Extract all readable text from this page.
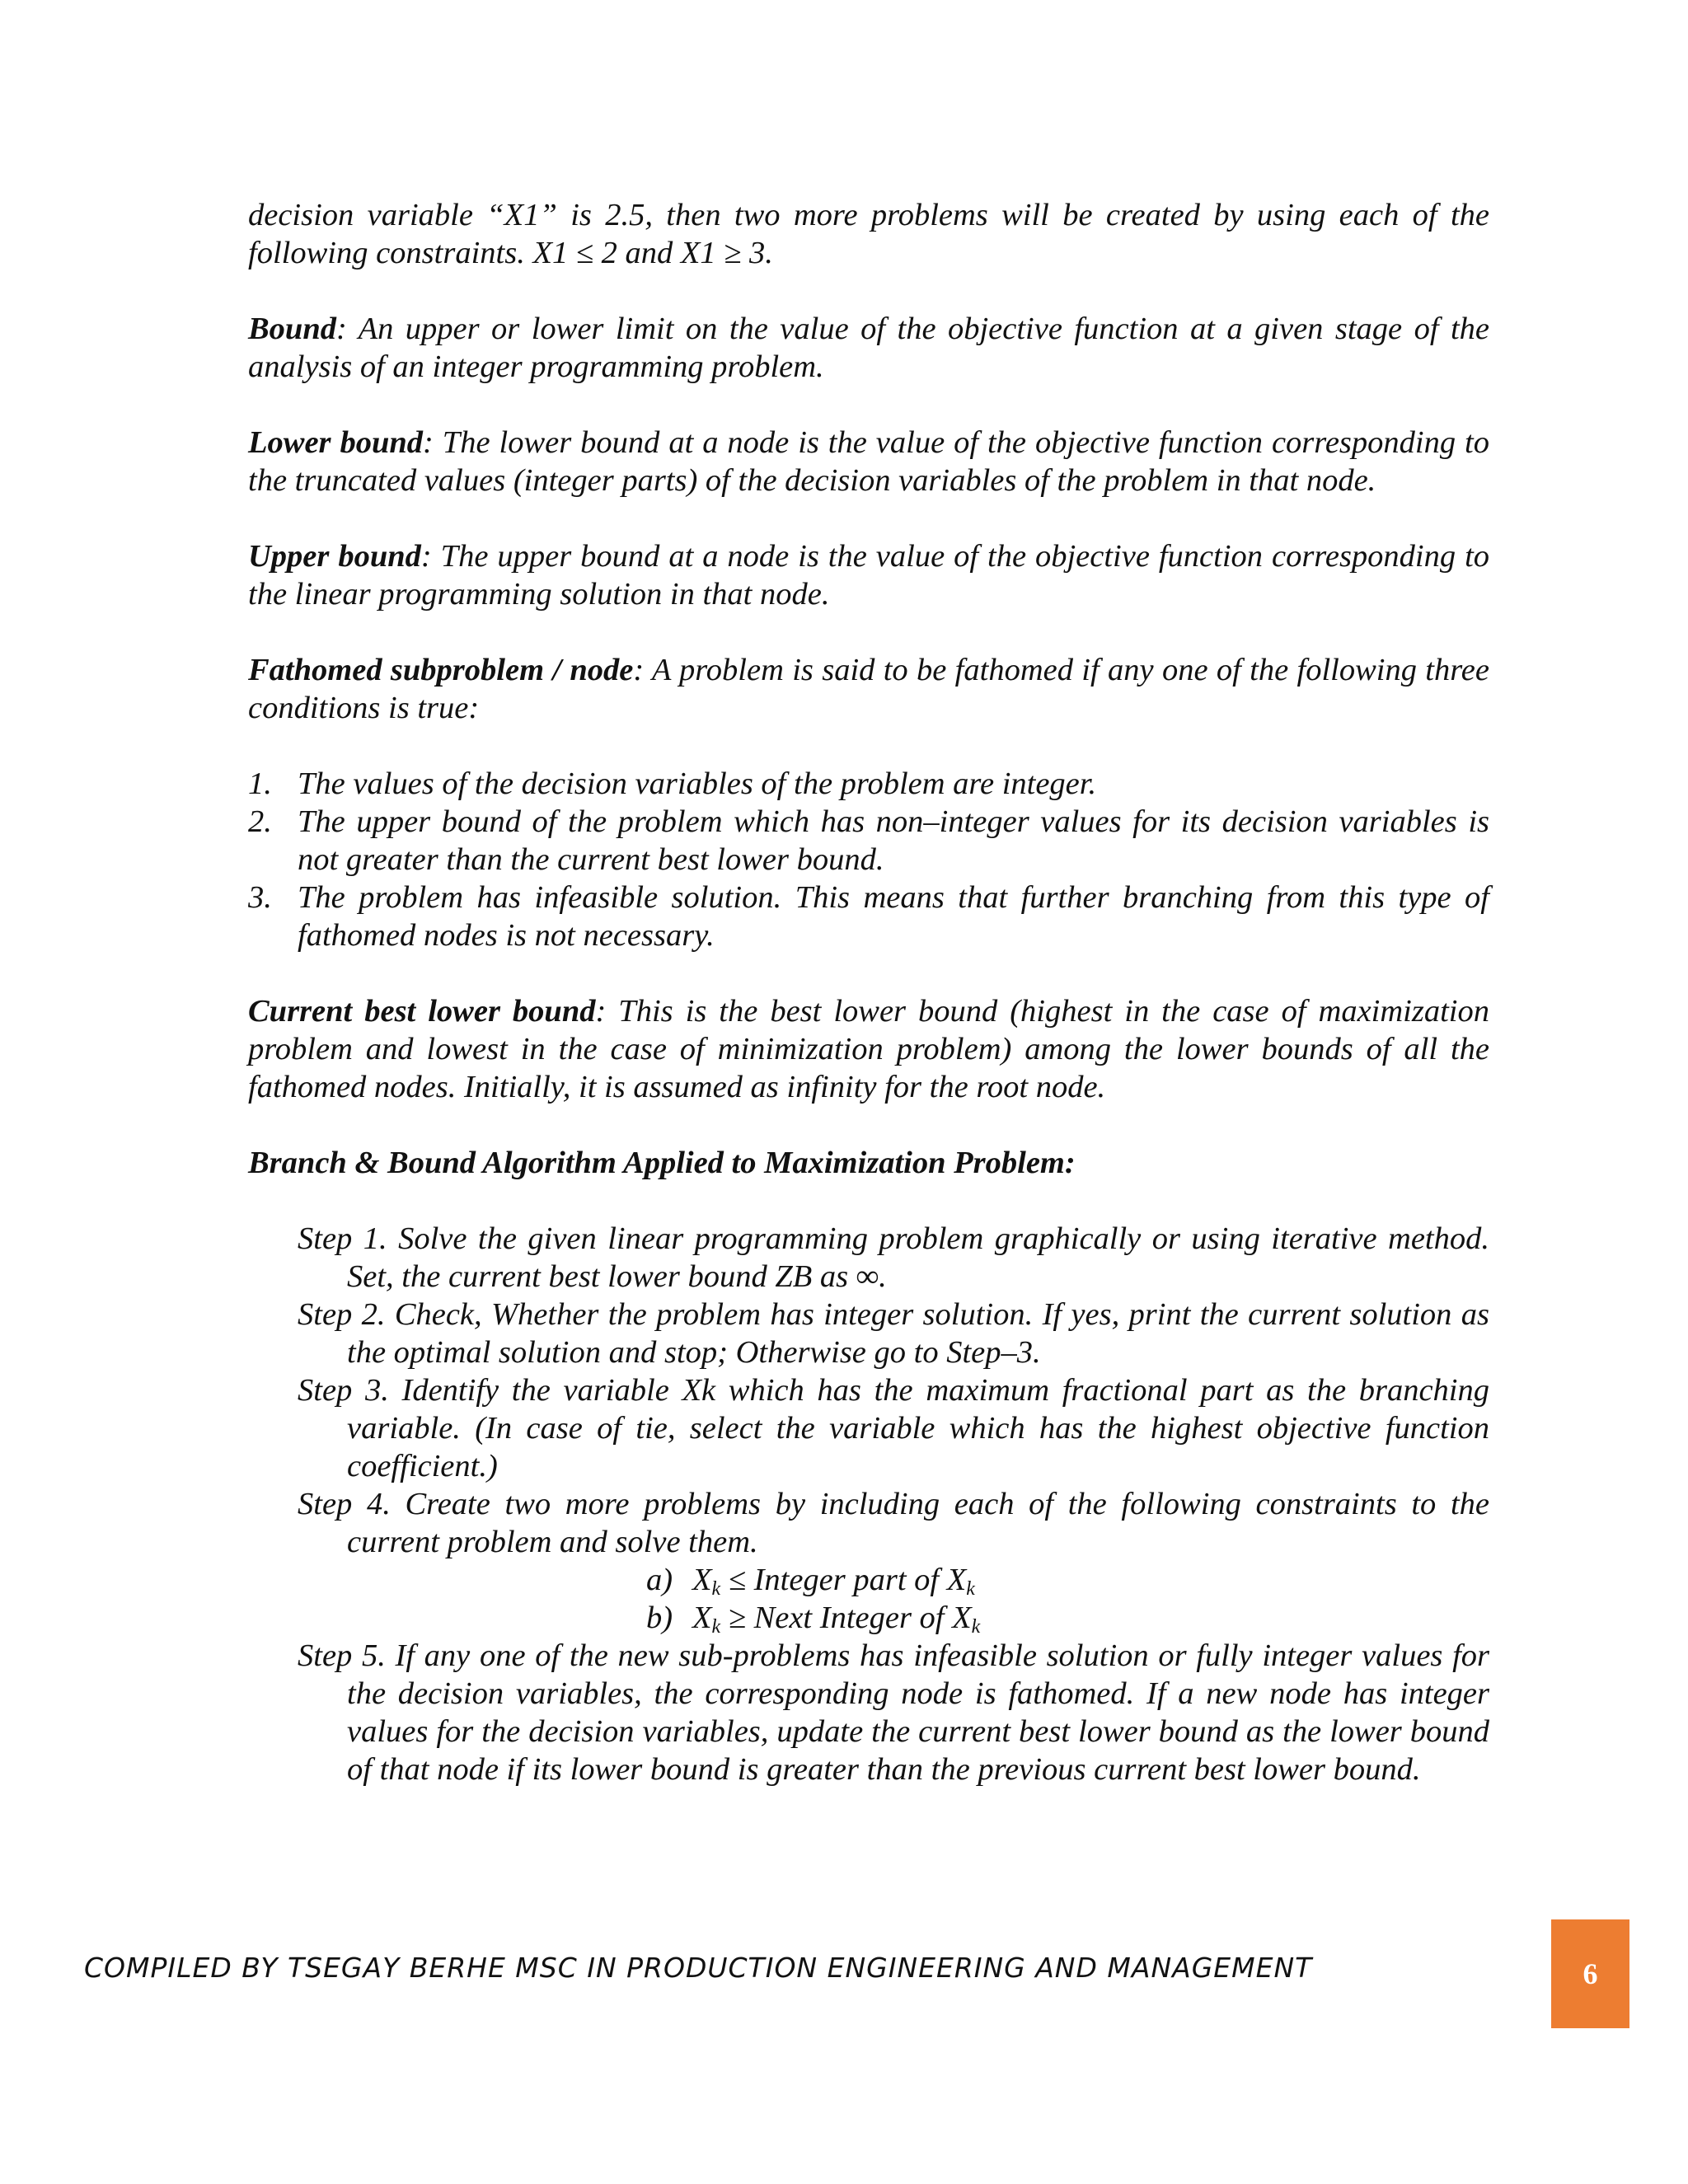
decision variable “X1” is 2.5, then two more problems will be created by using each of the following constraints. X1 ≤ 2 and X1 ≥ 3.

Bound: An upper or lower limit on the value of the objective function at a given stage of the analysis of an integer programming problem.

Lower bound: The lower bound at a node is the value of the objective function corresponding to the truncated values (integer parts) of the decision variables of the problem in that node.

Upper bound: The upper bound at a node is the value of the objective function corresponding to the linear programming solution in that node.

Fathomed subproblem / node: A problem is said to be fathomed if any one of the following three conditions is true:

1. The values of the decision variables of the problem are integer.
2. The upper bound of the problem which has non–integer values for its decision variables is not greater than the current best lower bound.
3. The problem has infeasible solution. This means that further branching from this type of fathomed nodes is not necessary.

Current best lower bound: This is the best lower bound (highest in the case of maximization problem and lowest in the case of minimization problem) among the lower bounds of all the fathomed nodes. Initially, it is assumed as infinity for the root node.

Branch & Bound Algorithm Applied to Maximization Problem:

Step 1. Solve the given linear programming problem graphically or using iterative method. Set, the current best lower bound ZB as ∞.
Step 2. Check, Whether the problem has integer solution. If yes, print the current solution as the optimal solution and stop; Otherwise go to Step–3.
Step 3. Identify the variable Xk which has the maximum fractional part as the branching variable. (In case of tie, select the variable which has the highest objective function coefficient.)
Step 4. Create two more problems by including each of the following constraints to the current problem and solve them.
a) $X_k$ ≤ Integer part of $X_k$
b) $X_k$ ≥ Next Integer of $X_k$
Step 5. If any one of the new sub-problems has infeasible solution or fully integer values for the decision variables, the corresponding node is fathomed. If a new node has integer values for the decision variables, update the current best lower bound as the lower bound of that node if its lower bound is greater than the previous current best lower bound.
COMPILED BY TSEGAY BERHE MSC IN PRODUCTION ENGINEERING AND MANAGEMENT	6
